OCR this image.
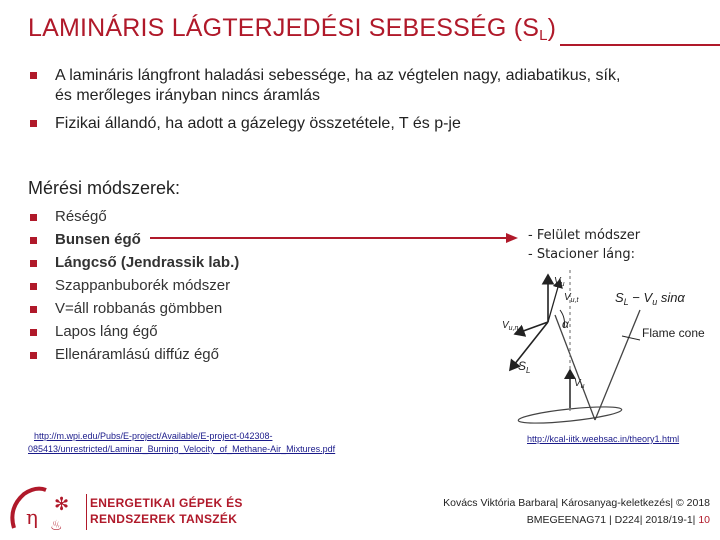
LAMINÁRIS LÁGTERJEDÉSI SEBESSÉG $(S_L)$
A lamináris lángfront haladási sebessége, ha az végtelen nagy, adiabatikus, sík,
és merőleges irányban nincs áramlás
Fizikai állandó, ha adott a gázelegy összetétele, T és p-je
Mérési módszerek:
Réségő
Bunsen égő
Lángcső (Jendrassik lab.)
Szappanbuborék módszer
V=áll robbanás gömbben
Lapos láng égő
Ellenáramlású diffúz égő
- Felület módszer
- Stacioner láng:
$S_L - V_u$ sinα
Flame cone
$V_u$
$V_{u,t}$
$V_{u,n}$	α
$S_L$
$V_u$
http://m.wpi.edu/Pubs/E-project/Available/E-project-042308-
085413/unrestricted/Laminar_Burning_Velocity_of_Methane-Air_Mixtures.pdf
http://kcal-iitk.weebsac.in/theory1.html
Kovács Viktória Barbara| Károsanyag-keletkezés| © 2018
BMEGEENAG71 | D224| 2018/19-1| 10
η
✻
♨
ENERGETIKAI GÉPEK ÉS
RENDSZEREK TANSZÉK
